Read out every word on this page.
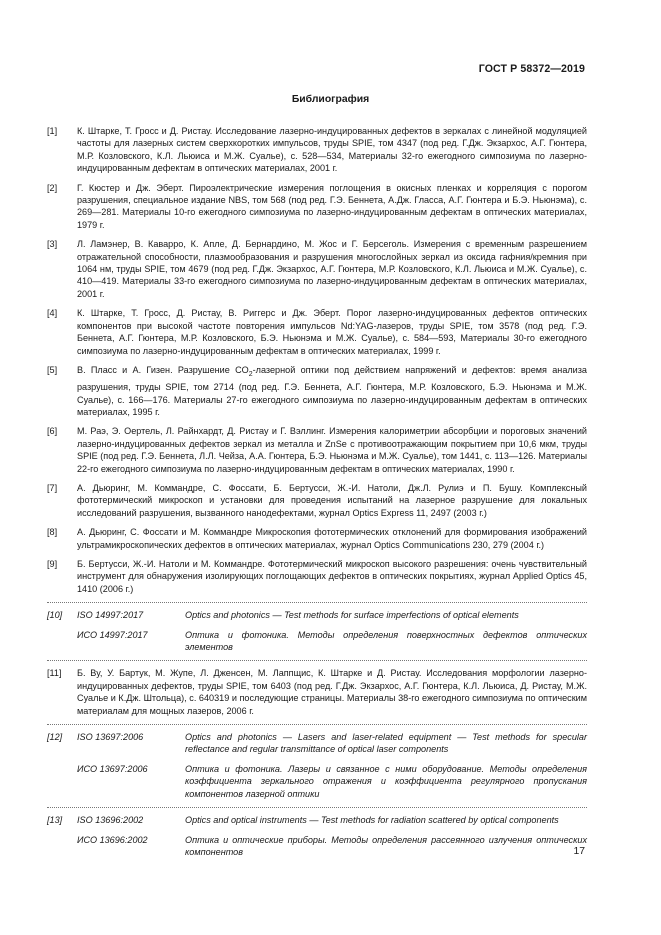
ГОСТ Р 58372—2019
Библиография
[1]	К. Штарке, Т. Гросс и Д. Ристау. Исследование лазерно-индуцированных дефектов в зеркалах с линейной модуляцией частоты для лазерных систем сверхкоротких импульсов, труды SPIE, том 4347 (под ред. Г.Дж. Экзархос, А.Г. Гюнтера, М.Р. Козловского, К.Л. Льюиса и М.Ж. Суалье), с. 528—534, Материалы 32-го ежегодного симпозиума по лазерно-индуцированным дефектам в оптических материалах, 2001 г.
[2]	Г. Кюстер и Дж. Эберт. Пироэлектрические измерения поглощения в окисных пленках и корреляция с порогом разрушения, специальное издание NBS, том 568 (под ред. Г.Э. Беннета, А.Дж. Гласса, А.Г. Гюнтера и Б.Э. Ньюнэма), с. 269—281. Материалы 10-го ежегодного симпозиума по лазерно-индуцированным дефектам в оптических материалах, 1979 г.
[3]	Л. Ламэнер, В. Каварро, К. Апле, Д. Бернардино, М. Жос и Г. Берсеголь. Измерения с временным разрешением отражательной способности, плазмообразования и разрушения многослойных зеркал из оксида гафния/кремния при 1064 нм, труды SPIE, том 4679 (под ред. Г.Дж. Экзархос, А.Г. Гюнтера, М.Р. Козловского, К.Л. Льюиса и М.Ж. Суалье), с. 410—419. Материалы 33-го ежегодного симпозиума по лазерно-индуцированным дефектам в оптических материалах, 2001 г.
[4]	К. Штарке, Т. Гросс, Д. Ристау, В. Риггерс и Дж. Эберт. Порог лазерно-индуцированных дефектов оптических компонентов при высокой частоте повторения импульсов Nd:YAG-лазеров, труды SPIE, том 3578 (под ред. Г.Э. Беннета, А.Г. Гюнтера, М.Р. Козловского, Б.Э. Ньюнэма и М.Ж. Суальe), с. 584—593, Материалы 30-го ежегодного симпозиума по лазерно-индуцированным дефектам в оптических материалах, 1999 г.
[5]	В. Пласс и А. Гизен. Разрушение $CO_2$-лазерной оптики под действием напряжений и дефектов: время анализа разрушения, труды SPIE, том 2714 (под ред. Г.Э. Беннета, А.Г. Гюнтера, М.Р. Козловского, Б.Э. Ньюнэма и М.Ж. Суалье), с. 166—176. Материалы 27-го ежегодного симпозиума по лазерно-индуцированным дефектам в оптических материалах, 1995 г.
[6]	М. Раэ, Э. Оертель, Л. Райнхардт, Д. Ристау и Г. Вэллинг. Измерения калориметрии абсорбции и пороговых значений лазерно-индуцированных дефектов зеркал из металла и ZnSe с противоотражающим покрытием при 10,6 мкм, труды SPIE (под ред. Г.Э. Беннета, Л.Л. Чейза, А.А. Гюнтера, Б.Э. Ньюнэма и М.Ж. Суалье), том 1441, с. 113—126. Материалы 22-го ежегодного симпозиума по лазерно-индуцированным дефектам в оптических материалах, 1990 г.
[7]	А. Дьюринг, М. Коммандре, С. Фоссати, Б. Бертусси, Ж.-И. Натоли, Дж.Л. Рулиэ и П. Бушу. Комплексный фототермический микроскоп и установки для проведения испытаний на лазерное разрушение для локальных исследований разрушения, вызванного нанодефектами, журнал Optics Express 11, 2497 (2003 г.)
[8]	А. Дьюринг, С. Фоссати и М. Коммандре Микроскопия фототермических отклонений для формирования изображений ультрамикроскопических дефектов в оптических материалах, журнал Optics Communications 230, 279 (2004 г.)
[9]	Б. Бертусси, Ж.-И. Натоли и М. Коммандре. Фототермический микроскоп высокого разрешения: очень чувствительный инструмент для обнаружения изолирующих поглощающих дефектов в оптических покрытиях, журнал Applied Optics 45, 1410 (2006 г.)
[10]	ISO 14997:2017	Optics and photonics — Test methods for surface imperfections of optical elements
ИСО 14997:2017	Оптика и фотоника. Методы определения поверхностных дефектов оптических элементов
[11]	Б. Ву, У. Бартук, М. Жупе, Л. Дженсен, М. Лаппщис, К. Штарке и Д. Ристау. Исследования морфологии лазерно-индуцированных дефектов, труды SPIE, том 6403 (под ред. Г.Дж. Экзархос, А.Г. Гюнтера, К.Л. Льюиса, Д. Ристау, М.Ж. Суалье и К.Дж. Штольца), с. 640319 и последующие страницы. Материалы 38-го ежегодного симпозиума по оптическим материалам для мощных лазеров, 2006 г.
[12]	ISO 13697:2006	Optics and photonics — Lasers and laser-related equipment — Test methods for specular reflectance and regular transmittance of optical laser components
ИСО 13697:2006	Оптика и фотоника. Лазеры и связанное с ними оборудование. Методы определения коэффициента зеркального отражения и коэффициента регулярного пропускания компонентов лазерной оптики
[13]	ISO 13696:2002	Optics and optical instruments — Test methods for radiation scattered by optical components
ИСО 13696:2002	Оптика и оптические приборы. Методы определения рассеянного излучения оптических компонентов	17
